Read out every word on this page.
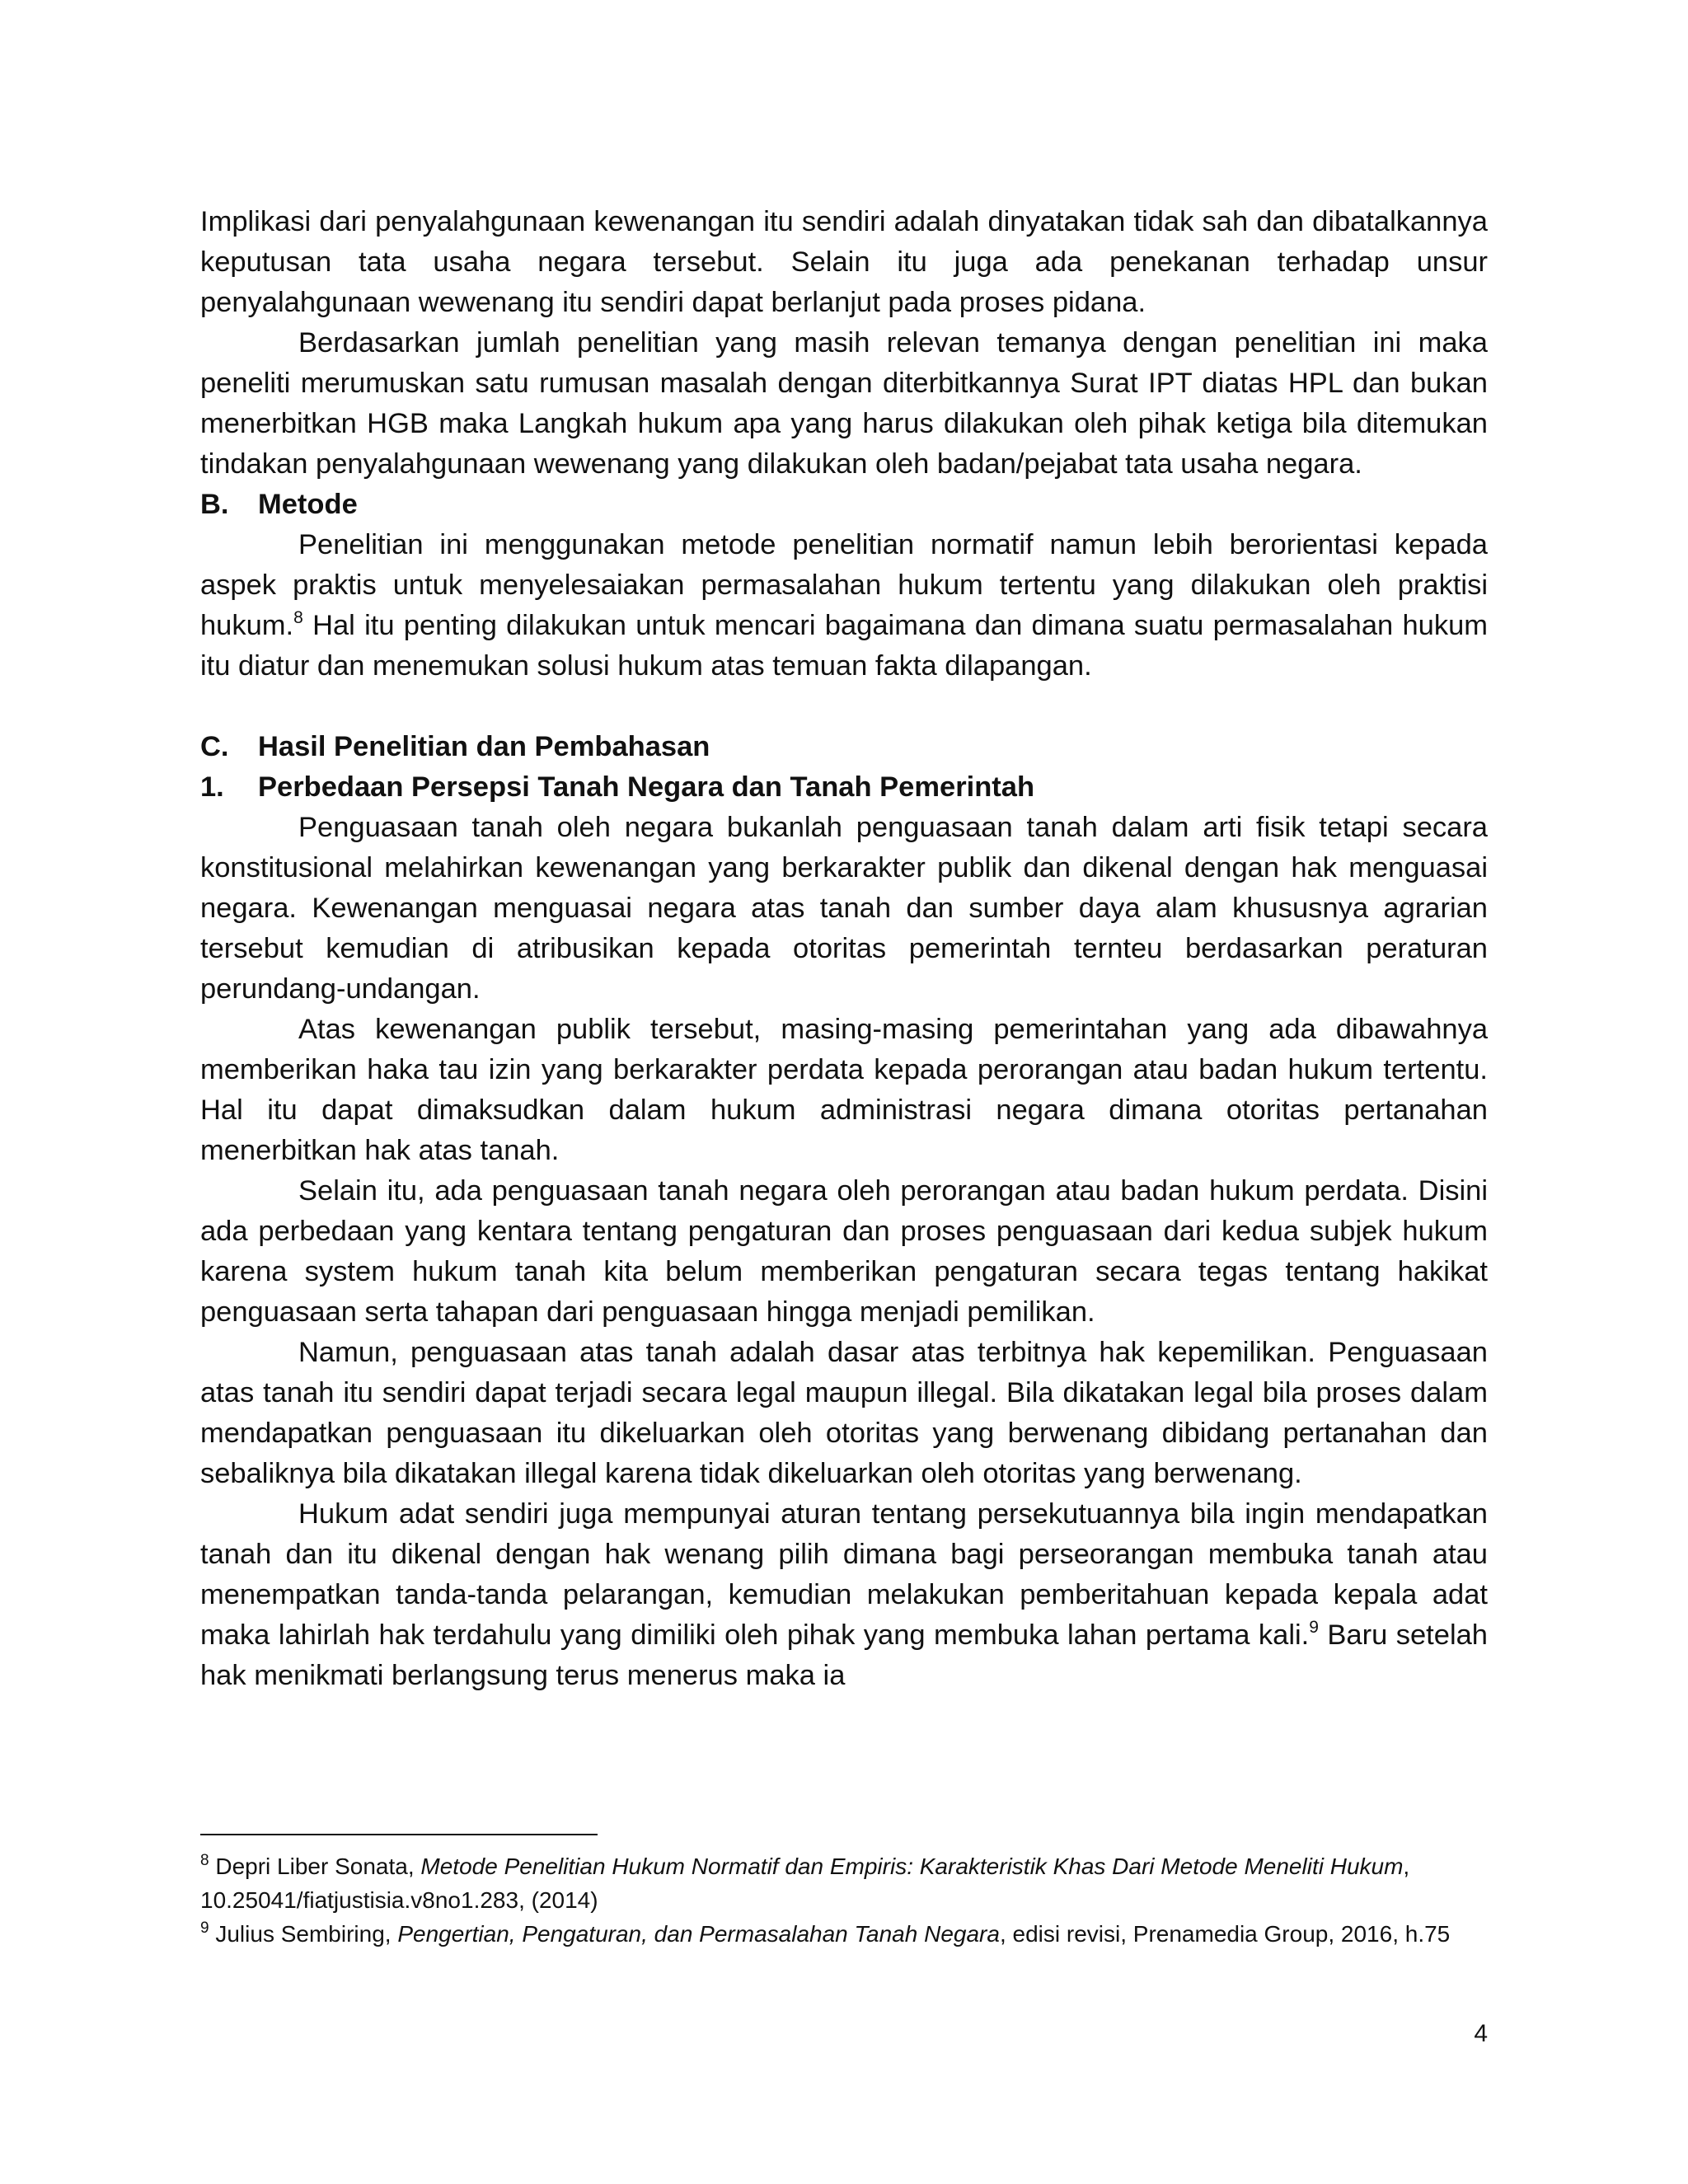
Implikasi dari penyalahgunaan kewenangan itu sendiri adalah dinyatakan tidak sah dan dibatalkannya keputusan tata usaha negara tersebut. Selain itu juga ada penekanan terhadap unsur penyalahgunaan wewenang itu sendiri dapat berlanjut pada proses pidana.

Berdasarkan jumlah penelitian yang masih relevan temanya dengan penelitian ini maka peneliti merumuskan satu rumusan masalah dengan diterbitkannya Surat IPT diatas HPL dan bukan menerbitkan HGB maka Langkah hukum apa yang harus dilakukan oleh pihak ketiga bila ditemukan tindakan penyalahgunaan wewenang yang dilakukan oleh badan/pejabat tata usaha negara.

B.	Metode

Penelitian ini menggunakan metode penelitian normatif namun lebih berorientasi kepada aspek praktis untuk menyelesaiakan permasalahan hukum tertentu yang dilakukan oleh praktisi hukum.$^8$ Hal itu penting dilakukan untuk mencari bagaimana dan dimana suatu permasalahan hukum itu diatur dan menemukan solusi hukum atas temuan fakta dilapangan.

C.	Hasil Penelitian dan Pembahasan
1.	Perbedaan Persepsi Tanah Negara dan Tanah Pemerintah

Penguasaan tanah oleh negara bukanlah penguasaan tanah dalam arti fisik tetapi secara konstitusional melahirkan kewenangan yang berkarakter publik dan dikenal dengan hak menguasai negara. Kewenangan menguasai negara atas tanah dan sumber daya alam khususnya agrarian tersebut kemudian di atribusikan kepada otoritas pemerintah ternteu berdasarkan peraturan perundang-undangan.

Atas kewenangan publik tersebut, masing-masing pemerintahan yang ada dibawahnya memberikan haka tau izin yang berkarakter perdata kepada perorangan atau badan hukum tertentu. Hal itu dapat dimaksudkan dalam hukum administrasi negara dimana otoritas pertanahan menerbitkan hak atas tanah.

Selain itu, ada penguasaan tanah negara oleh perorangan atau badan hukum perdata. Disini ada perbedaan yang kentara tentang pengaturan dan proses penguasaan dari kedua subjek hukum karena system hukum tanah kita belum memberikan pengaturan secara tegas tentang hakikat penguasaan serta tahapan dari penguasaan hingga menjadi pemilikan.

Namun, penguasaan atas tanah adalah dasar atas terbitnya hak kepemilikan. Penguasaan atas tanah itu sendiri dapat terjadi secara legal maupun illegal. Bila dikatakan legal bila proses dalam mendapatkan penguasaan itu dikeluarkan oleh otoritas yang berwenang dibidang pertanahan dan sebaliknya bila dikatakan illegal karena tidak dikeluarkan oleh otoritas yang berwenang.

Hukum adat sendiri juga mempunyai aturan tentang persekutuannya bila ingin mendapatkan tanah dan itu dikenal dengan hak wenang pilih dimana bagi perseorangan membuka tanah atau menempatkan tanda-tanda pelarangan, kemudian melakukan pemberitahuan kepada kepala adat maka lahirlah hak terdahulu yang dimiliki oleh pihak yang membuka lahan pertama kali.$^9$ Baru setelah hak menikmati berlangsung terus menerus maka ia

$^8$ Depri Liber Sonata, Metode Penelitian Hukum Normatif dan Empiris: Karakteristik Khas Dari Metode Meneliti Hukum, 10.25041/fiatjustisia.v8no1.283, (2014)

$^9$ Julius Sembiring, Pengertian, Pengaturan, dan Permasalahan Tanah Negara, edisi revisi, Prenamedia Group, 2016, h.75

4
